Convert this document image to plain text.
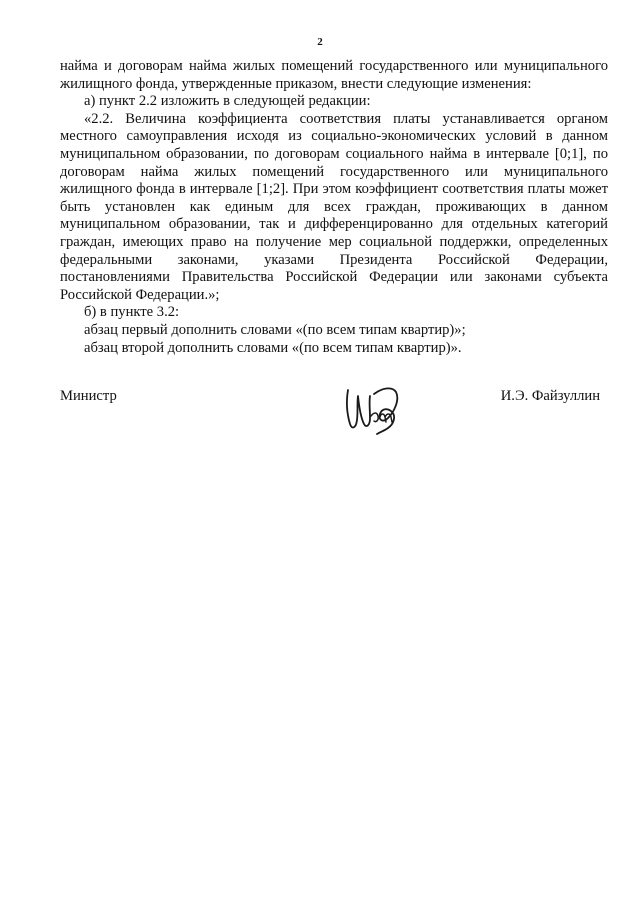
2

найма и договорам найма жилых помещений государственного или муниципального жилищного фонда, утвержденные приказом, внести следующие изменения:

а) пункт 2.2 изложить в следующей редакции:

«2.2. Величина коэффициента соответствия платы устанавливается органом местного самоуправления исходя из социально-экономических условий в данном муниципальном образовании, по договорам социального найма в интервале [0;1], по договорам найма жилых помещений государственного или муниципального жилищного фонда в интервале [1;2]. При этом коэффициент соответствия платы может быть установлен как единым для всех граждан, проживающих в данном муниципальном образовании, так и дифференцированно для отдельных категорий граждан, имеющих право на получение мер социальной поддержки, определенных федеральными законами, указами Президента Российской Федерации, постановлениями Правительства Российской Федерации или законами субъекта Российской Федерации.»;

б) в пункте 3.2:

абзац первый дополнить словами «(по всем типам квартир)»;

абзац второй дополнить словами «(по всем типам квартир)».

Министр	И.Э. Файзуллин
